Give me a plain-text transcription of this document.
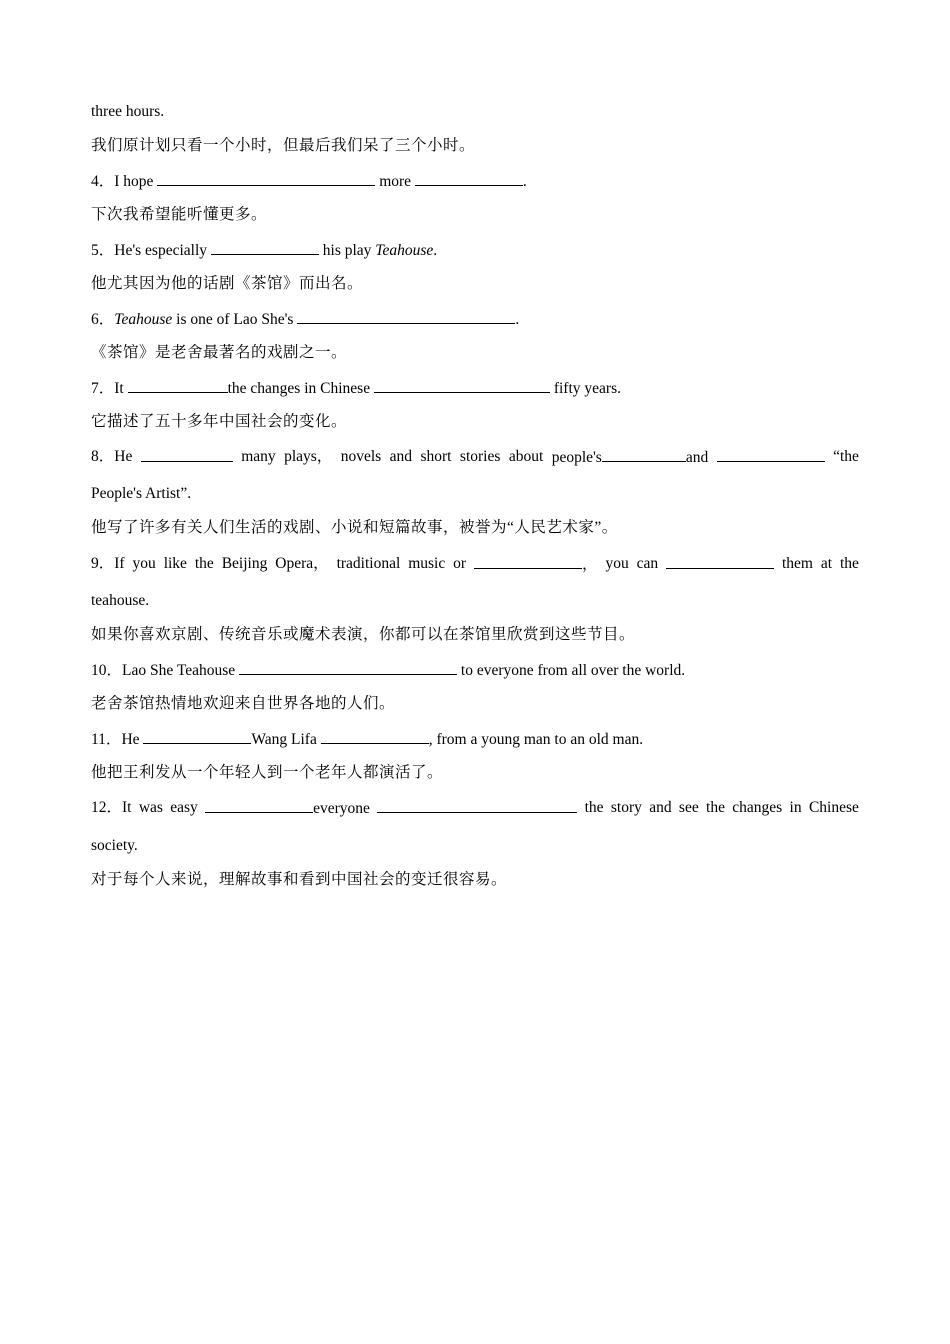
three hours.
我们原计划只看一个小时，但最后我们呆了三个小时。
4．I hope	more	.
下次我希望能听懂更多。
5．He's especially	his play Teahouse.
他尤其因为他的话剧《茶馆》而出名。
6．Teahouse is one of Lao She's	.
《茶馆》是老舍最著名的戏剧之一。
7．It	the changes in Chinese	fifty years.
它描述了五十多年中国社会的变化。
8．He	many plays， novels and short stories about people's	and	“the
People's Artist”.
他写了许多有关人们生活的戏剧、小说和短篇故事，被誉为“人民艺术家”。
9．If you like the Beijing Opera， traditional music or	， you can	them at the
teahouse.
如果你喜欢京剧、传统音乐或魔术表演，你都可以在茶馆里欣赏到这些节目。
10．Lao She Teahouse	to everyone from all over the world.
老舍茶馆热情地欢迎来自世界各地的人们。
11．He	Wang Lifa	, from a young man to an old man.
他把王利发从一个年轻人到一个老年人都演活了。
12．It was easy	everyone	the story and see the changes in Chinese
society.
对于每个人来说，理解故事和看到中国社会的变迁很容易。
